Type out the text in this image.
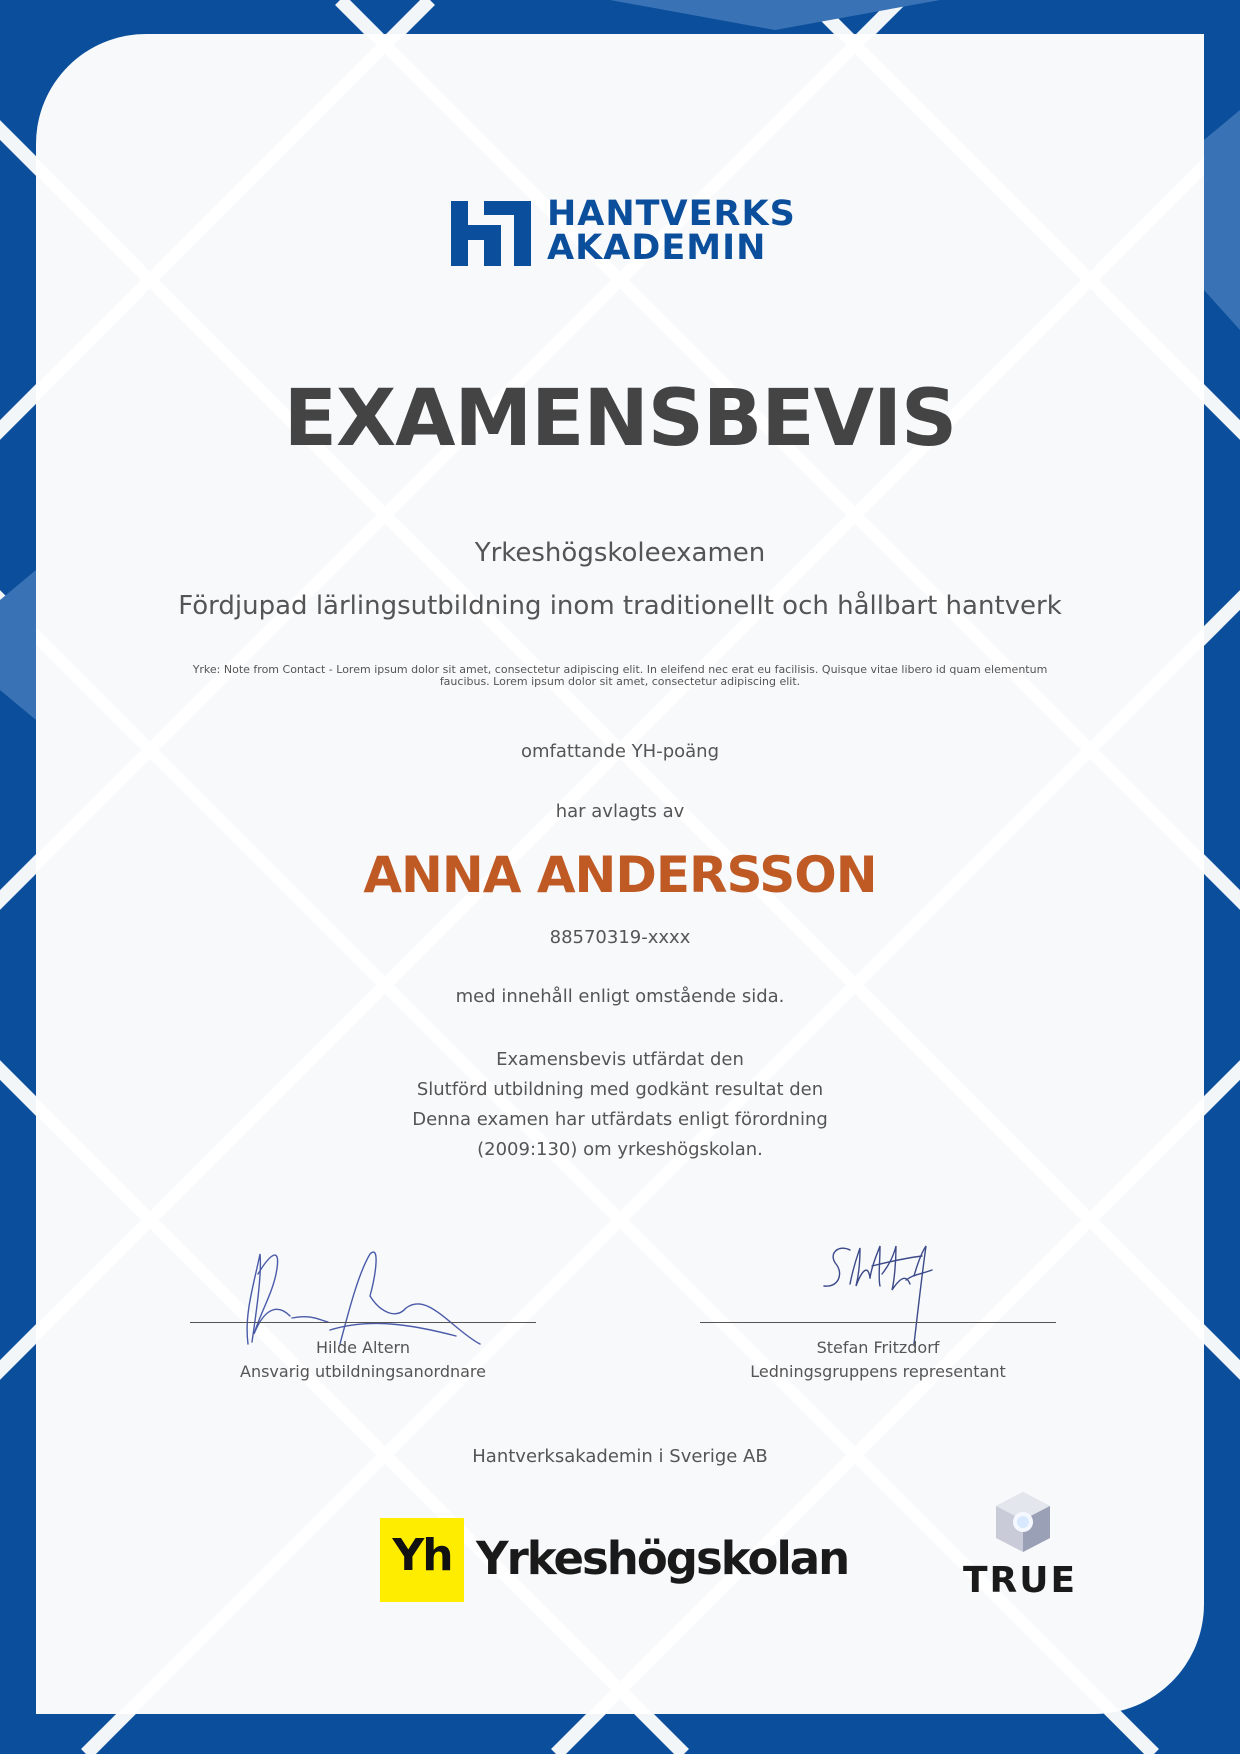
HANTVERKS
AKADEMIN
EXAMENSBEVIS
Yrkeshögskoleexamen
Fördjupad lärlingsutbildning inom traditionellt och hållbart hantverk
Yrke: Note from Contact - Lorem ipsum dolor sit amet, consectetur adipiscing elit. In eleifend nec erat eu facilisis. Quisque vitae libero id quam elementum faucibus. Lorem ipsum dolor sit amet, consectetur adipiscing elit.
omfattande YH-poäng
har avlagts av
ANNA ANDERSSON
88570319-xxxx
med innehåll enligt omstående sida.
Examensbevis utfärdat den
Slutförd utbildning med godkänt resultat den
Denna examen har utfärdats enligt förordning
(2009:130) om yrkeshögskolan.
Hilde Altern
Ansvarig utbildningsanordnare
Stefan Fritzdorf
Ledningsgruppens representant
Hantverksakademin i Sverige AB
Yh Yrkeshögskolan	TRUE
